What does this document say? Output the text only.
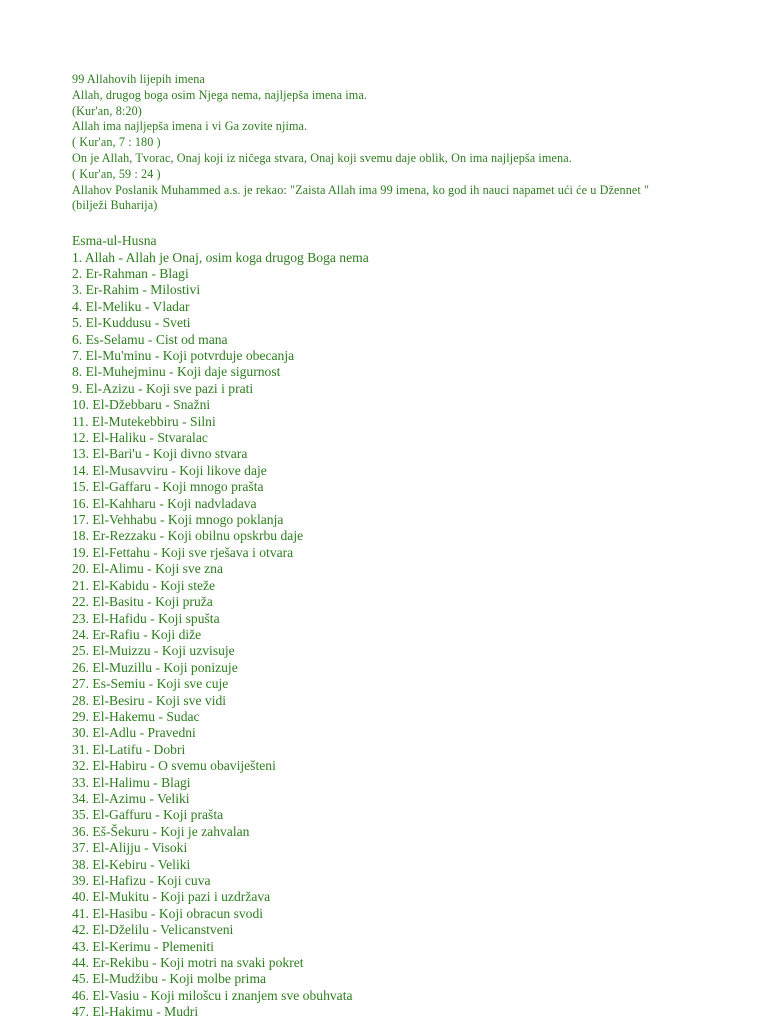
99 Allahovih lijepih imena
Allah, drugog boga osim Njega nema, najljepša imena ima.
(Kur'an, 8:20)
Allah ima najljepša imena i vi Ga zovite njima.
( Kur'an, 7 : 180 )
On je Allah, Tvorac, Onaj koji iz ničega stvara, Onaj koji svemu daje oblik, On ima najljepša imena.
( Kur'an, 59 : 24 )
Allahov Poslanik Muhammed a.s. je rekao: "Zaista Allah ima 99 imena, ko god ih nauci napamet ući će u Džennet "
(bilježi Buharija)
Esma-ul-Husna
1. Allah - Allah je Onaj, osim koga drugog Boga nema
2. Er-Rahman - Blagi
3. Er-Rahim - Milostivi
4. El-Meliku - Vladar
5. El-Kuddusu - Sveti
6. Es-Selamu - Cist od mana
7. El-Mu'minu - Koji potvrduje obecanja
8. El-Muhejminu - Koji daje sigurnost
9. El-Azizu - Koji sve pazi i prati
10. El-Džebbaru - Snažni
11. El-Mutekebbiru - Silni
12. El-Haliku - Stvaralac
13. El-Bari'u - Koji divno stvara
14. El-Musavviru - Koji likove daje
15. El-Gaffaru - Koji mnogo prašta
16. El-Kahharu - Koji nadvladava
17. El-Vehhabu - Koji mnogo poklanja
18. Er-Rezzaku - Koji obilnu opskrbu daje
19. El-Fettahu - Koji sve rješava i otvara
20. El-Alimu - Koji sve zna
21. El-Kabidu - Koji steže
22. El-Basitu - Koji pruža
23. El-Hafidu - Koji spušta
24. Er-Rafiu - Koji diže
25. El-Muizzu - Koji uzvisuje
26. El-Muzillu - Koji ponizuje
27. Es-Semiu - Koji sve cuje
28. El-Besiru - Koji sve vidi
29. El-Hakemu - Sudac
30. El-Adlu - Pravedni
31. El-Latifu - Dobri
32. El-Habiru - O svemu obaviješteni
33. El-Halimu - Blagi
34. El-Azimu - Veliki
35. El-Gaffuru - Koji prašta
36. Eš-Šekuru - Koji je zahvalan
37. El-Alijju - Visoki
38. El-Kebiru - Veliki
39. El-Hafizu - Koji cuva
40. El-Mukitu - Koji pazi i uzdržava
41. El-Hasibu - Koji obracun svodi
42. El-Dželilu - Velicanstveni
43. El-Kerimu - Plemeniti
44. Er-Rekibu - Koji motri na svaki pokret
45. El-Mudžibu - Koji molbe prima
46. El-Vasiu - Koji milošcu i znanjem sve obuhvata
47. El-Hakimu - Mudri
